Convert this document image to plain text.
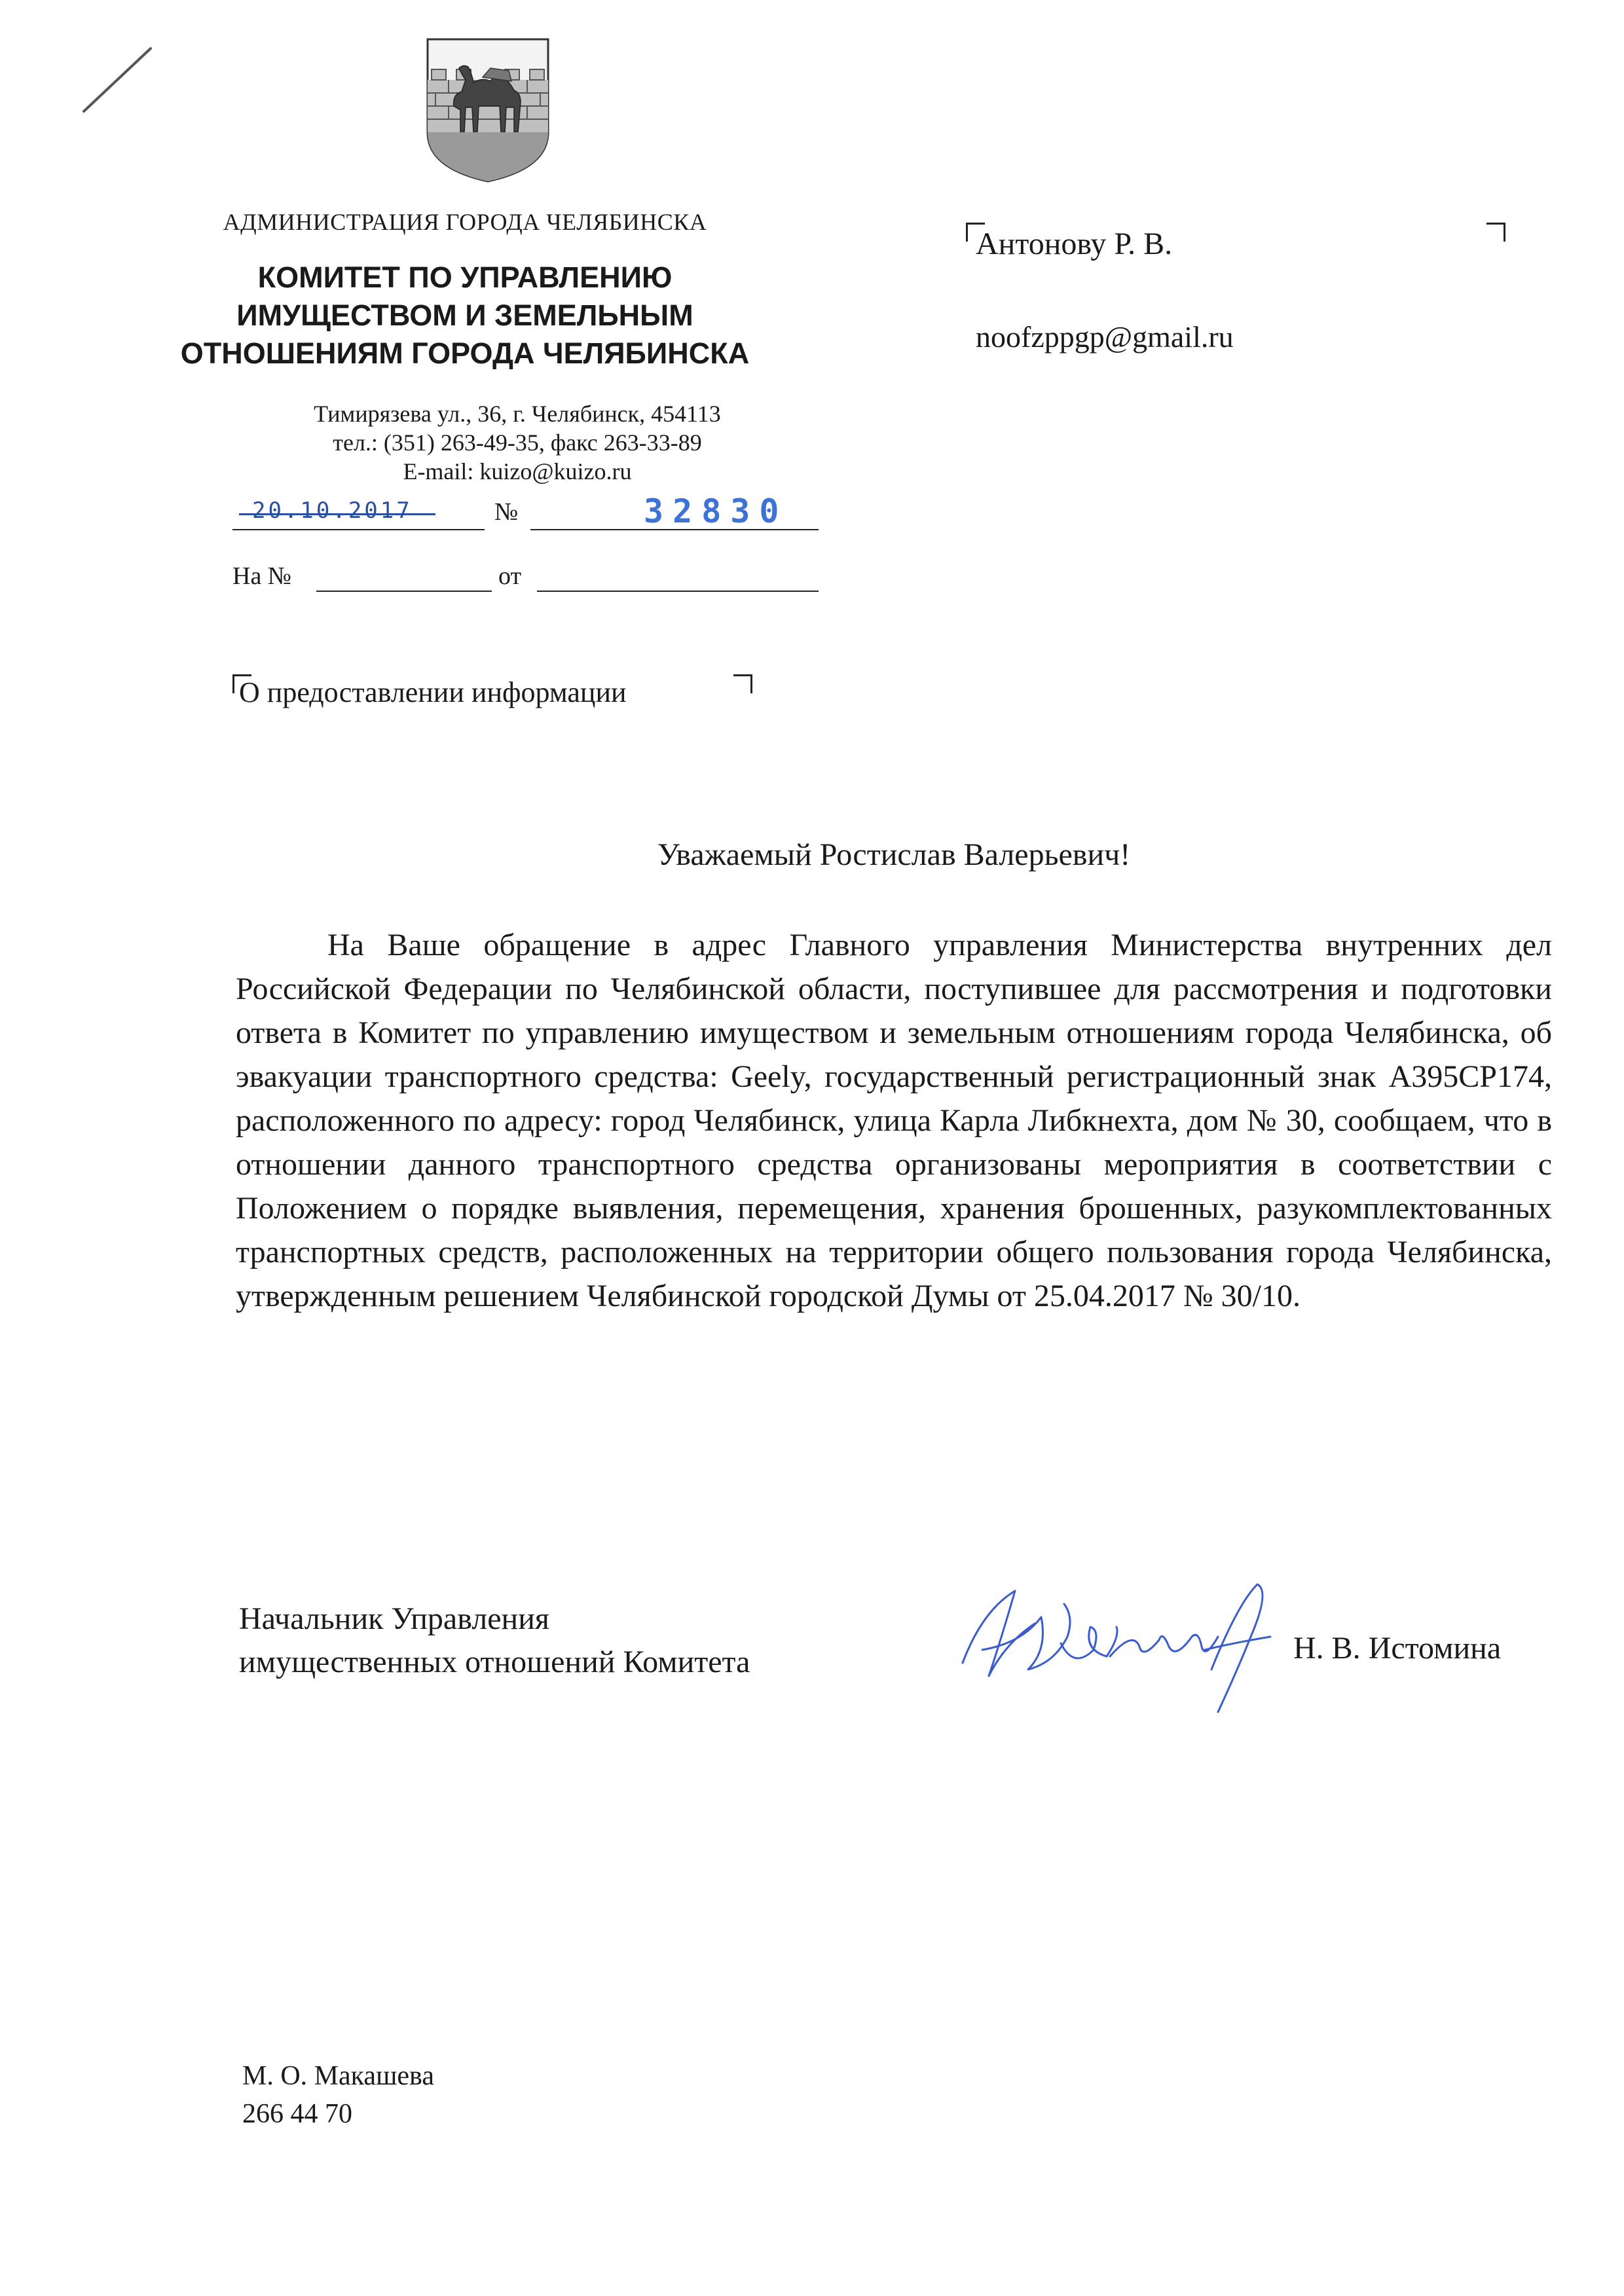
АДМИНИСТРАЦИЯ ГОРОДА ЧЕЛЯБИНСКА
КОМИТЕТ ПО УПРАВЛЕНИЮ
ИМУЩЕСТВОМ И ЗЕМЕЛЬНЫМ
ОТНОШЕНИЯМ ГОРОДА ЧЕЛЯБИНСКА
Тимирязева ул., 36, г. Челябинск, 454113
тел.: (351) 263-49-35, факс 263-33-89
E-mail: kuizo@kuizo.ru
20.10.2017	№	32830
На №	от
Антонову Р. В.
noofzppgp@gmail.ru
О предоставлении информации
Уважаемый Ростислав Валерьевич!
На Ваше обращение в адрес Главного управления Министерства внутренних дел Российской Федерации по Челябинской области, поступившее для рассмотрения и подготовки ответа в Комитет по управлению имуществом и земельным отношениям города Челябинска, об эвакуации транспортного средства: Geely, государственный регистрационный знак А395СР174, расположенного по адресу: город Челябинск, улица Карла Либкнехта, дом № 30, сообщаем, что в отношении данного транспортного средства организованы мероприятия в соответствии с Положением о порядке выявления, перемещения, хранения брошенных, разукомплектованных транспортных средств, расположенных на территории общего пользования города Челябинска, утвержденным решением Челябинской городской Думы от 25.04.2017 № 30/10.
Начальник Управления
имущественных отношений Комитета	Н. В. Истомина
М. О. Макашева
266 44 70
